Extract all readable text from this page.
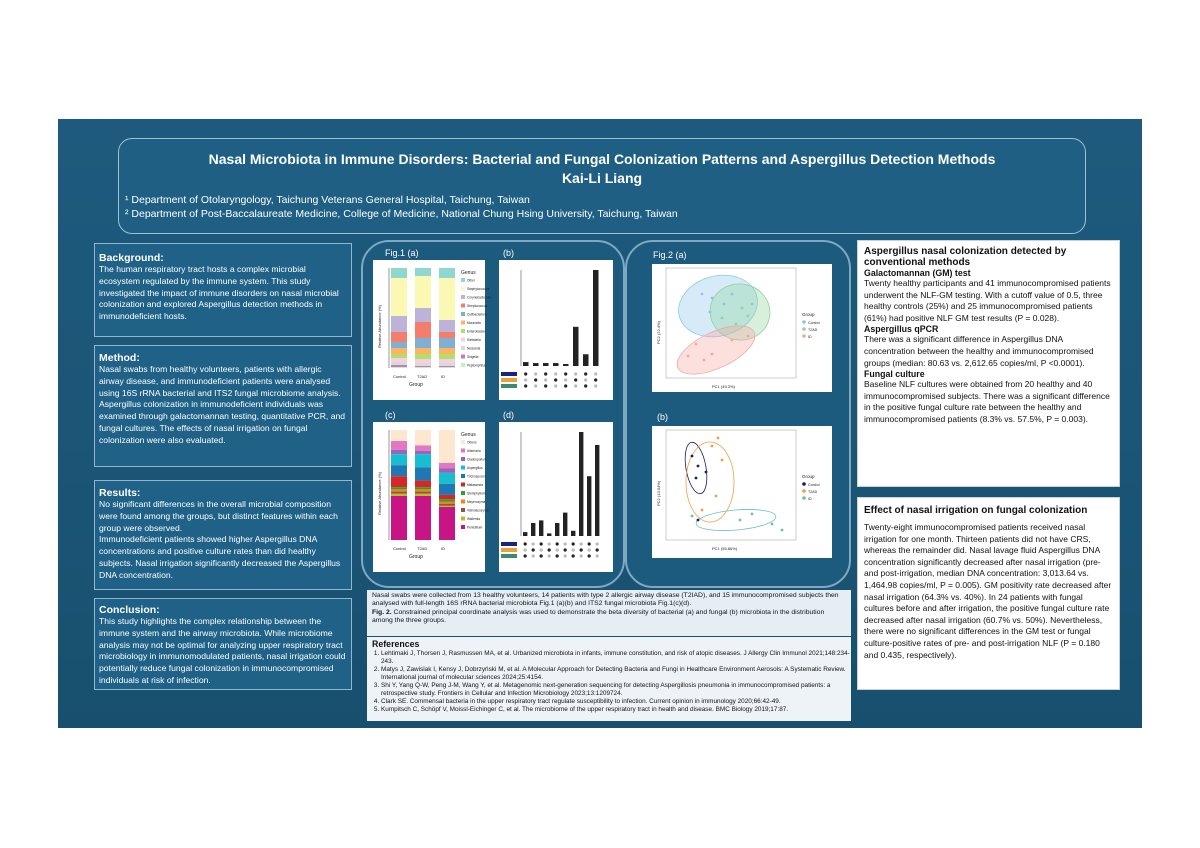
Nasal Microbiota in Immune Disorders: Bacterial and Fungal Colonization Patterns and Aspergillus Detection Methods
Kai-Li Liang
¹ Department of Otolaryngology, Taichung Veterans General Hospital, Taichung, Taiwan
² Department of Post-Baccalaureate Medicine, College of Medicine, National Chung Hsing University, Taichung, Taiwan
Background:

The human respiratory tract hosts a complex microbial ecosystem regulated by the immune system. This study investigated the impact of immune disorders on nasal microbial colonization and explored Aspergillus detection methods in immunodeficient hosts.

Method:

Nasal swabs from healthy volunteers, patients with allergic airway disease, and immunodeficient patients were analysed using 16S rRNA bacterial and ITS2 fungal microbiome analysis.

Aspergillus colonization in immunodeficient individuals was examined through galactomannan testing, quantitative PCR, and fungal cultures. The effects of nasal irrigation on fungal colonization were also evaluated.

Results:

No significant differences in the overall microbial composition were found among the groups, but distinct features within each group were observed.

Immunodeficient patients showed higher Aspergillus DNA concentrations and positive culture rates than did healthy subjects. Nasal irrigation significantly decreased the Aspergillus DNA concentration.

Conclusion:

This study highlights the complex relationship between the immune system and the airway microbiota. While microbiome analysis may not be optimal for analyzing upper respiratory tract microbiology in immunomodulated patients, nasal irrigation could potentially reduce fungal colonization in immunocompromised individuals at risk of infection.

Fig.1 (a)	(b)
(c)	(d)
Control	T2AD	ID
Group
Relative Abundance (%)
Genus
Other
Staphylococcus
Corynebacterium
Streptococcus
Cutibacterium
Moraxella
Enterobacter
Klebsiella
Neisseria
Shigella
Peptoniphilus
Control	T2AD	ID
Group
Relative Abundance (%)
Genus
Others
Alternaria
Cladosporium
Aspergillus
Trichosporon
Malassezia
Stemphylium
Meyerozyma
Vishniacozyma
Wallemia
Penicillium
Fig.2 (a)
(b)
PC1 (49.3%)
PC2 (22.4%)
Group
Control
T2AD
ID
PC1 (55.86%)
PC2 (13.04%)
Group
Control
T2AD
ID

Nasal swabs were collected from 13 healthy volunteers, 14 patients with type 2 allergic airway disease (T2IAD), and 15 immunocompromised subjects then analysed with full-length 16S rRNA bacterial microbiota Fig.1 (a)(b) and ITS2 fungal microbiota Fig.1(c)(d).

Fig. 2. Constrained principal coordinate analysis was used to demonstrate the beta diversity of bacterial (a) and fungal (b) microbiota in the distribution among the three groups.

References
1. Lehtimaki J, Thorsen J, Rasmussen MA, et al. Urbanized microbiota in infants, immune constitution, and risk of atopic diseases. J Allergy Clin Immunol 2021;148:234-243.
2. Matys J, Zawislak I, Kensy J, Dobrzyński M, et al. A Molecular Approach for Detecting Bacteria and Fungi in Healthcare Environment Aerosols: A Systematic Review. International journal of molecular sciences 2024;25:4154.
3. Shi Y, Yang Q-W, Peng J-M, Wang Y, et al. Metagenomic next-generation sequencing for detecting Aspergillosis pneumonia in immunocompromised patients: a retrospective study. Frontiers in Cellular and Infection Microbiology 2023;13:1209724.
4. Clark SE. Commensal bacteria in the upper respiratory tract regulate susceptibility to infection. Current opinion in immunology 2020;66:42-49.
5. Kumpitsch C, Schöpf V, Moissl-Eichinger C, et al. The microbiome of the upper respiratory tract in health and disease. BMC Biology 2019;17:87.
Aspergillus nasal colonization detected by conventional methods
Galactomannan (GM) test

Twenty healthy participants and 41 immunocompromised patients underwent the NLF-GM testing. With a cutoff value of 0.5, three healthy controls (25%) and 25 immunocompromised patients (61%) had positive NLF GM test results (P = 0.028).

Aspergillus qPCR

There was a significant difference in Aspergillus DNA concentration between the healthy and immunocompromised groups (median: 80.63 vs. 2,612.65 copies/ml, P <0.0001).

Fungal culture

Baseline NLF cultures were obtained from 20 healthy and 40 immunocompromised subjects. There was a significant difference in the positive fungal culture rate between the healthy and immunocompromised patients (8.3% vs. 57.5%, P = 0.003).

Effect of nasal irrigation on fungal colonization

Twenty-eight immunocompromised patients received nasal irrigation for one month. Thirteen patients did not have CRS, whereas the remainder did. Nasal lavage fluid Aspergillus DNA concentration significantly decreased after nasal irrigation (pre- and post-irrigation, median DNA concentration: 3,013.64 vs. 1,464.98 copies/ml, P = 0.005). GM positivity rate decreased after nasal irrigation (64.3% vs. 40%). In 24 patients with fungal cultures before and after irrigation, the positive fungal culture rate decreased after nasal irrigation (60.7% vs. 50%). Nevertheless, there were no significant differences in the GM test or fungal culture-positive rates of pre- and post-irrigation NLF (P = 0.180 and 0.435, respectively).
